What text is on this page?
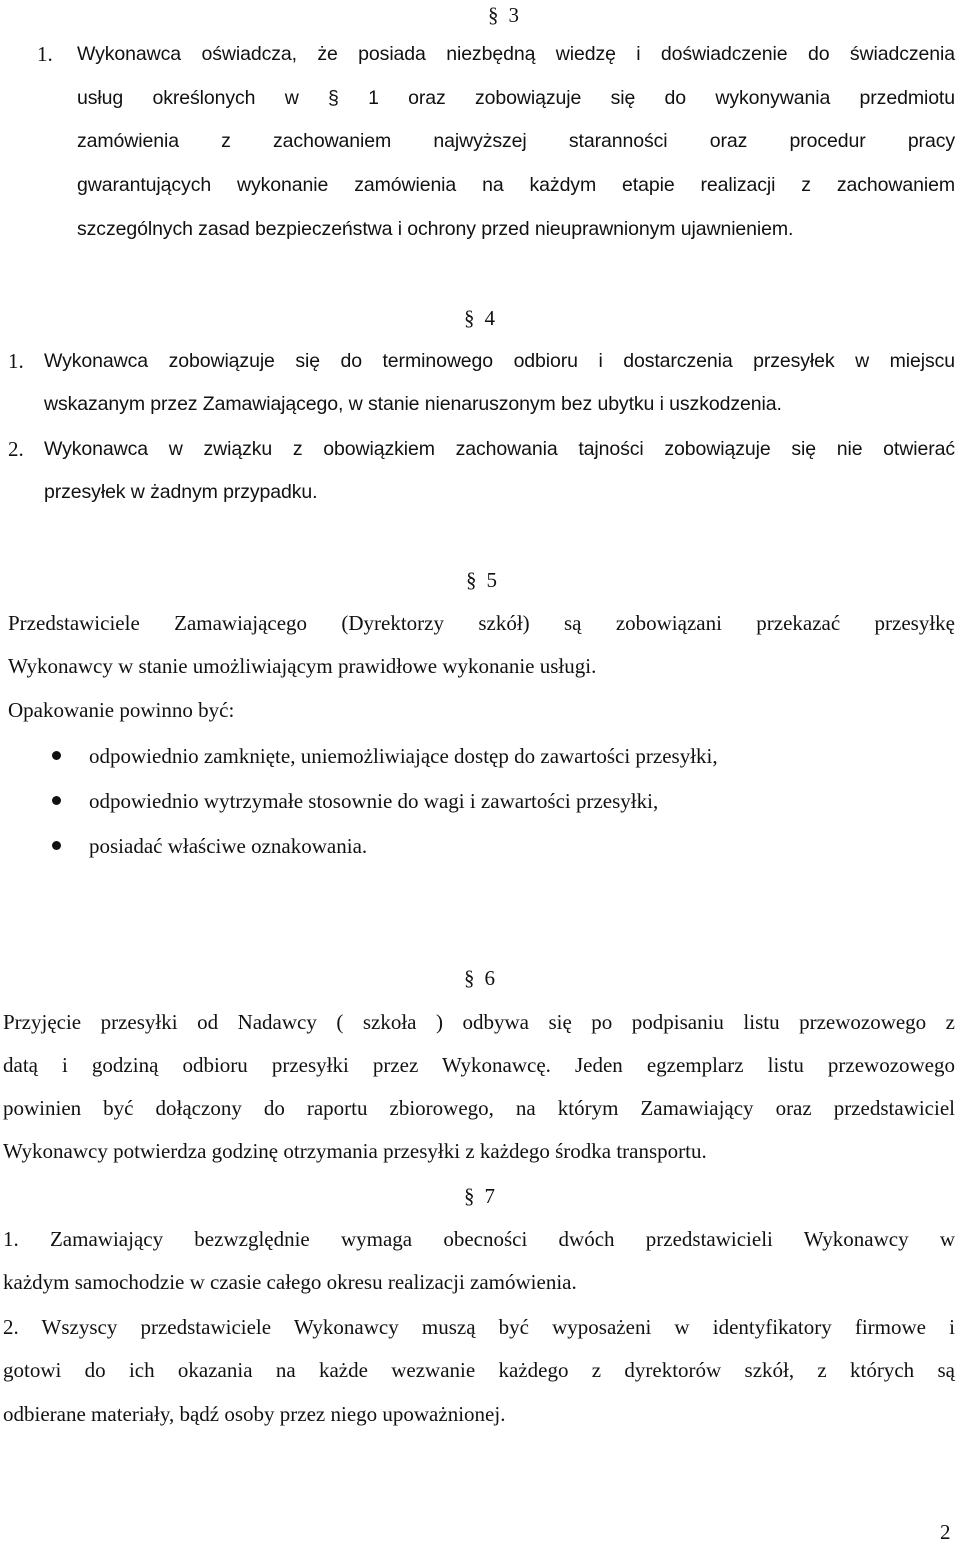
§ 3
1. Wykonawca oświadcza, że posiada niezbędną wiedzę i doświadczenie do świadczenia
usług określonych w § 1 oraz zobowiązuje się do wykonywania przedmiotu
zamówienia z zachowaniem najwyższej staranności oraz procedur pracy
gwarantujących wykonanie zamówienia na każdym etapie realizacji z zachowaniem
szczególnych zasad bezpieczeństwa i ochrony przed nieuprawnionym ujawnieniem.
§ 4
1. Wykonawca zobowiązuje się do terminowego odbioru i dostarczenia przesyłek w miejscu
wskazanym przez Zamawiającego, w stanie nienaruszonym bez ubytku i uszkodzenia.
2. Wykonawca w związku z obowiązkiem zachowania tajności zobowiązuje się nie otwierać
przesyłek w żadnym przypadku.
§ 5
Przedstawiciele Zamawiającego (Dyrektorzy szkół) są zobowiązani przekazać przesyłkę
Wykonawcy w stanie umożliwiającym prawidłowe wykonanie usługi.
Opakowanie powinno być:
odpowiednio zamknięte, uniemożliwiające dostęp do zawartości przesyłki,
odpowiednio wytrzymałe stosownie do wagi i zawartości przesyłki,
posiadać właściwe oznakowania.
§ 6
Przyjęcie przesyłki od Nadawcy ( szkoła ) odbywa się po podpisaniu listu przewozowego z
datą i godziną odbioru przesyłki przez Wykonawcę. Jeden egzemplarz listu przewozowego
powinien być dołączony do raportu zbiorowego, na którym Zamawiający oraz przedstawiciel
Wykonawcy potwierdza godzinę otrzymania przesyłki z każdego środka transportu.
§ 7
1. Zamawiający bezwzględnie wymaga obecności dwóch przedstawicieli Wykonawcy w
każdym samochodzie w czasie całego okresu realizacji zamówienia.
2. Wszyscy przedstawiciele Wykonawcy muszą być wyposażeni w identyfikatory firmowe i
gotowi do ich okazania na każde wezwanie każdego z dyrektorów szkół, z których są
odbierane materiały, bądź osoby przez niego upoważnionej.
2
